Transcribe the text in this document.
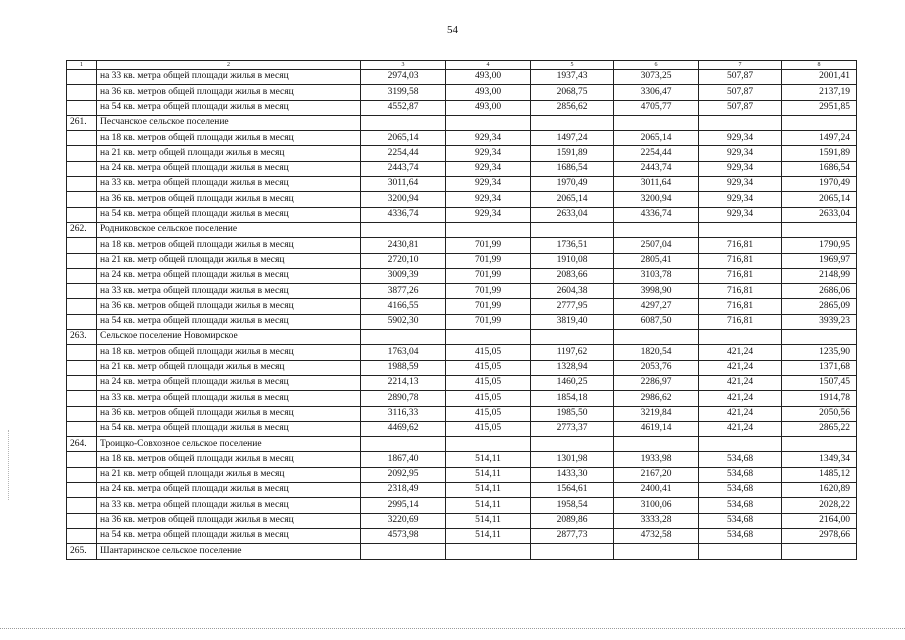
54
1	2	3	4	5	6	7	8
	на 33 кв. метра общей площади жилья в месяц	2974,03	493,00	1937,43	3073,25	507,87	2001,41
	на 36 кв. метров общей площади жилья в месяц	3199,58	493,00	2068,75	3306,47	507,87	2137,19
	на 54 кв. метра общей площади жилья в месяц	4552,87	493,00	2856,62	4705,77	507,87	2951,85
261.	Песчанское сельское поселение						
	на 18 кв. метров общей площади жилья в месяц	2065,14	929,34	1497,24	2065,14	929,34	1497,24
	на 21 кв. метр общей площади жилья в месяц	2254,44	929,34	1591,89	2254,44	929,34	1591,89
	на 24 кв. метра общей площади жилья в месяц	2443,74	929,34	1686,54	2443,74	929,34	1686,54
	на 33 кв. метра общей площади жилья в месяц	3011,64	929,34	1970,49	3011,64	929,34	1970,49
	на 36 кв. метров общей площади жилья в месяц	3200,94	929,34	2065,14	3200,94	929,34	2065,14
	на 54 кв. метра общей площади жилья в месяц	4336,74	929,34	2633,04	4336,74	929,34	2633,04
262.	Родниковское сельское поселение						
	на 18 кв. метров общей площади жилья в месяц	2430,81	701,99	1736,51	2507,04	716,81	1790,95
	на 21 кв. метр общей площади жилья в месяц	2720,10	701,99	1910,08	2805,41	716,81	1969,97
	на 24 кв. метра общей площади жилья в месяц	3009,39	701,99	2083,66	3103,78	716,81	2148,99
	на 33 кв. метра общей площади жилья в месяц	3877,26	701,99	2604,38	3998,90	716,81	2686,06
	на 36 кв. метров общей площади жилья в месяц	4166,55	701,99	2777,95	4297,27	716,81	2865,09
	на 54 кв. метра общей площади жилья в месяц	5902,30	701,99	3819,40	6087,50	716,81	3939,23
263.	Сельское поселение Новомирское						
	на 18 кв. метров общей площади жилья в месяц	1763,04	415,05	1197,62	1820,54	421,24	1235,90
	на 21 кв. метр общей площади жилья в месяц	1988,59	415,05	1328,94	2053,76	421,24	1371,68
	на 24 кв. метра общей площади жилья в месяц	2214,13	415,05	1460,25	2286,97	421,24	1507,45
	на 33 кв. метра общей площади жилья в месяц	2890,78	415,05	1854,18	2986,62	421,24	1914,78
	на 36 кв. метров общей площади жилья в месяц	3116,33	415,05	1985,50	3219,84	421,24	2050,56
	на 54 кв. метра общей площади жилья в месяц	4469,62	415,05	2773,37	4619,14	421,24	2865,22
264.	Троицко-Совхозное сельское поселение						
	на 18 кв. метров общей площади жилья в месяц	1867,40	514,11	1301,98	1933,98	534,68	1349,34
	на 21 кв. метр общей площади жилья в месяц	2092,95	514,11	1433,30	2167,20	534,68	1485,12
	на 24 кв. метра общей площади жилья в месяц	2318,49	514,11	1564,61	2400,41	534,68	1620,89
	на 33 кв. метра общей площади жилья в месяц	2995,14	514,11	1958,54	3100,06	534,68	2028,22
	на 36 кв. метров общей площади жилья в месяц	3220,69	514,11	2089,86	3333,28	534,68	2164,00
	на 54 кв. метра общей площади жилья в месяц	4573,98	514,11	2877,73	4732,58	534,68	2978,66
265.	Шантаринское сельское поселение						
